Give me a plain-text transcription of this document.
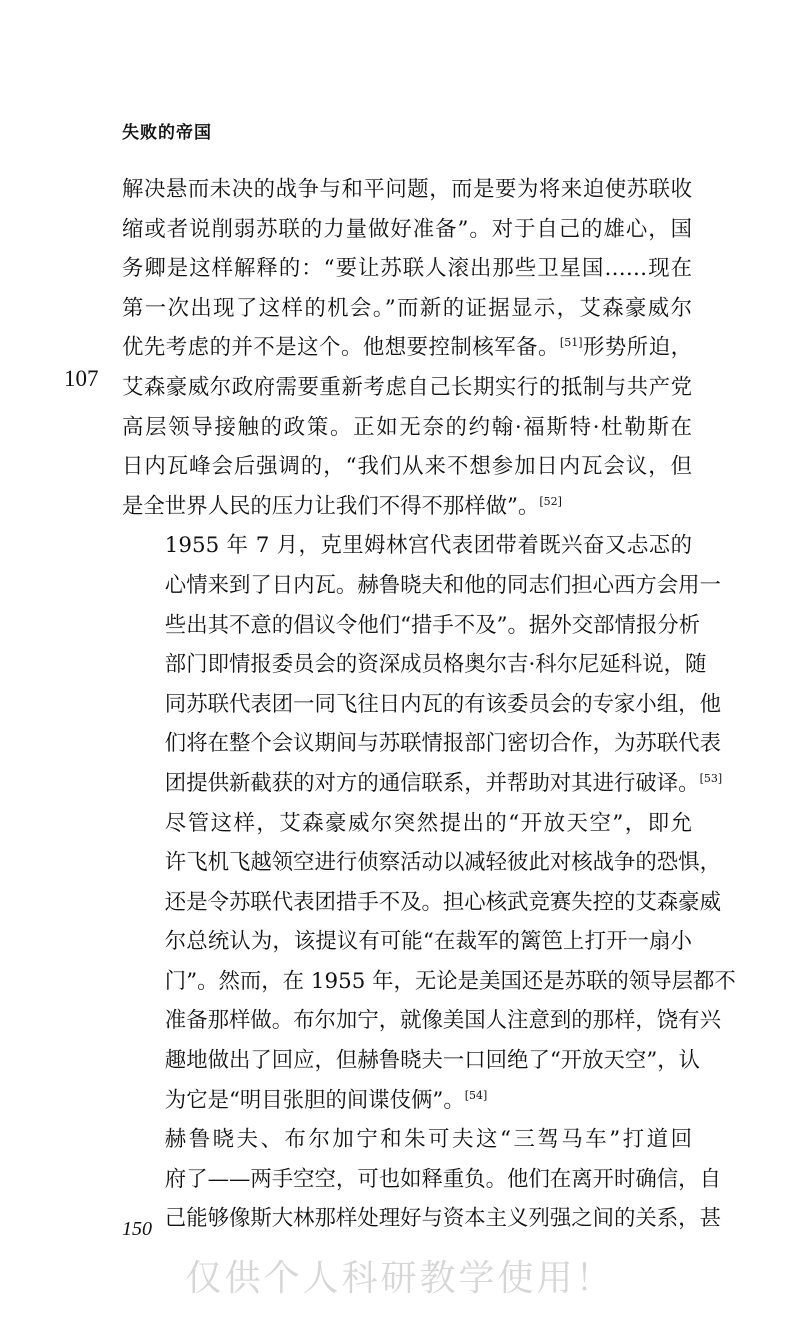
失败的帝国
107

解决悬而未决的战争与和平问题，而是要为将来迫使苏联收
缩或者说削弱苏联的力量做好准备”。对于自己的雄心，国
务卿是这样解释的：“要让苏联人滚出那些卫星国……现在
第一次出现了这样的机会。”而新的证据显示，艾森豪威尔
优先考虑的并不是这个。他想要控制核军备。[51]形势所迫，
艾森豪威尔政府需要重新考虑自己长期实行的抵制与共产党
高层领导接触的政策。正如无奈的约翰·福斯特·杜勒斯在
日内瓦峰会后强调的，“我们从来不想参加日内瓦会议，但
是全世界人民的压力让我们不得不那样做”。[52]

1955 年 7 月，克里姆林宫代表团带着既兴奋又忐忑的
心情来到了日内瓦。赫鲁晓夫和他的同志们担心西方会用一
些出其不意的倡议令他们“措手不及”。据外交部情报分析
部门即情报委员会的资深成员格奥尔吉·科尔尼延科说，随
同苏联代表团一同飞往日内瓦的有该委员会的专家小组，他
们将在整个会议期间与苏联情报部门密切合作，为苏联代表
团提供新截获的对方的通信联系，并帮助对其进行破译。[53]

尽管这样，艾森豪威尔突然提出的“开放天空”，即允
许飞机飞越领空进行侦察活动以减轻彼此对核战争的恐惧，
还是令苏联代表团措手不及。担心核武竞赛失控的艾森豪威
尔总统认为，该提议有可能“在裁军的篱笆上打开一扇小
门”。然而，在 1955 年，无论是美国还是苏联的领导层都不
准备那样做。布尔加宁，就像美国人注意到的那样，饶有兴
趣地做出了回应，但赫鲁晓夫一口回绝了“开放天空”，认
为它是“明目张胆的间谍伎俩”。[54]

赫鲁晓夫、布尔加宁和朱可夫这“三驾马车”打道回
府了——两手空空，可也如释重负。他们在离开时确信，自
己能够像斯大林那样处理好与资本主义列强之间的关系，甚

150
仅供个人科研教学使用！
